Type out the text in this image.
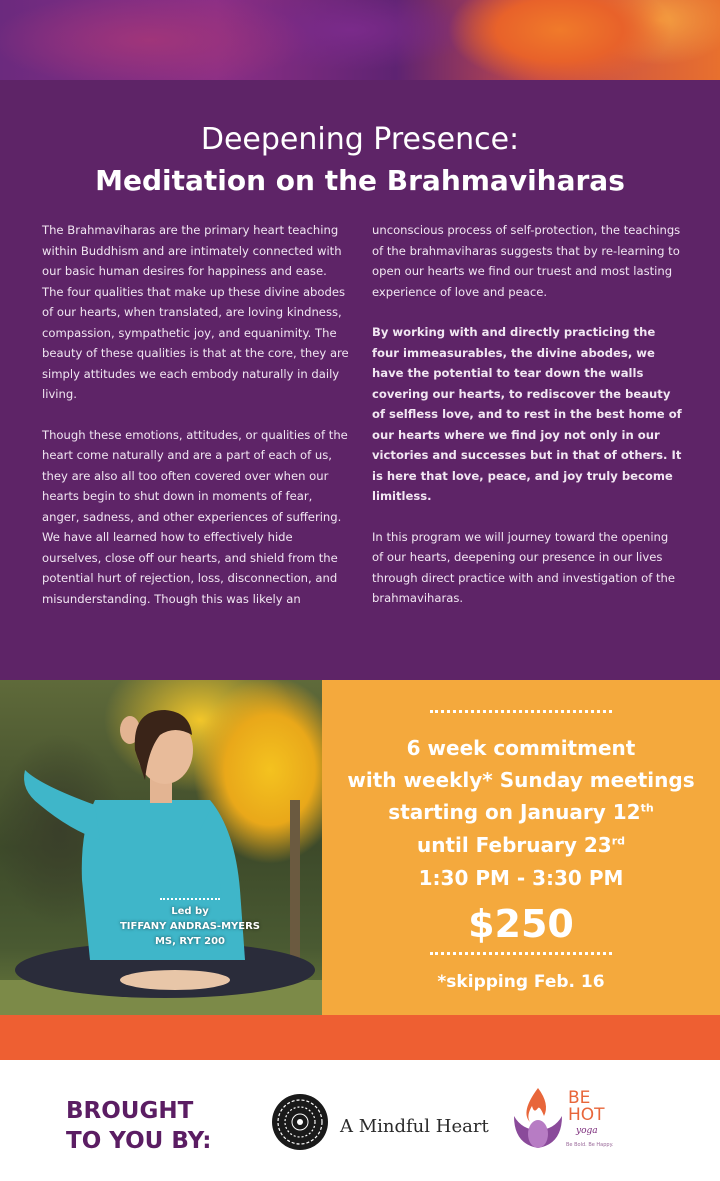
Deepening Presence:
Meditation on the Brahmaviharas

The Brahmaviharas are the primary heart teaching within Buddhism and are intimately connected with our basic human desires for happiness and ease. The four qualities that make up these divine abodes of our hearts, when translated, are loving kindness, compassion, sympathetic joy, and equanimity. The beauty of these qualities is that at the core, they are simply attitudes we each embody naturally in daily living.

Though these emotions, attitudes, or qualities of the heart come naturally and are a part of each of us, they are also all too often covered over when our hearts begin to shut down in moments of fear, anger, sadness, and other experiences of suffering. We have all learned how to effectively hide ourselves, close off our hearts, and shield from the potential hurt of rejection, loss, disconnection, and misunderstanding. Though this was likely an

unconscious process of self-protection, the teachings of the brahmaviharas suggests that by re-learning to open our hearts we find our truest and most lasting experience of love and peace.

By working with and directly practicing the four immeasurables, the divine abodes, we have the potential to tear down the walls covering our hearts, to rediscover the beauty of selfless love, and to rest in the best home of our hearts where we find joy not only in our victories and successes but in that of others. It is here that love, peace, and joy truly become limitless.

In this program we will journey toward the opening of our hearts, deepening our presence in our lives through direct practice with and investigation of the brahmaviharas.

Led by
TIFFANY ANDRAS-MYERS
MS, RYT 200
6 week commitment
with weekly* Sunday meetings
starting on January 12th
until February 23rd
1:30 PM - 3:30 PM
$250
*skipping Feb. 16
BROUGHT
TO YOU BY:
A Mindful Heart
BE
HOT
yoga
Be Bold. Be Happy.
